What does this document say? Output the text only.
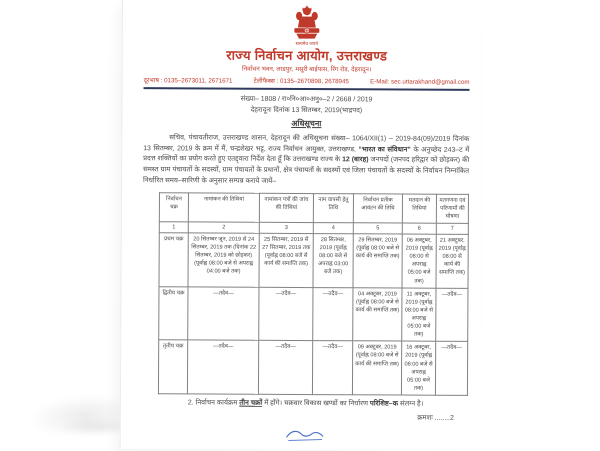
सत्यमेव जयते
राज्य निर्वाचन आयोग, उत्तराखण्ड
निर्वाचन भवन, लाडपुर, मसूरी बाईपास, रिंग रोड, देहरादून।
दूरभाष : 0135–2673011, 2671671	टेलीफैक्स : 0135–2670898, 2678945	E-Mail: sec.uttarakhand@gmail.com
संख्या– 1808 / रा०नि०आ०अनु०–2 / 2668 / 2019
देहरादूनः दिनांक 13 सितम्बर, 2019(भाद्रपद)
अधिसूचना
सचिव, पंचायतीराज, उत्तराखण्ड शासन, देहरादून की अधिसूचना संख्या– 1064/XII(1) – 2019-84(09)/2019 दिनांक 13 सितम्बर, 2019 के क्रम में मैं, चन्द्रशेखर भट्ट, राज्य निर्वाचन आयुक्त, उत्तराखण्ड, “भारत का संविधान” के अनुच्छेद 243–ट में प्रदत्त शक्तियों का प्रयोग करते हुए एतद्द्वारा निर्देश देता हूँ कि उत्तराखण्ड राज्य के 12 (बारह) जनपदों (जनपद हरिद्वार को छोड़कर) की समस्त ग्राम पंचायतों के सदस्यों, ग्राम पंचायतों के प्रधानों, क्षेत्र पंचायतों के सदस्यों एवं जिला पंचायतों के सदस्यों के निर्वाचन निम्नांकित निर्धारित समय–सारिणी के अनुसार सम्पन्न कराये जायें–
निर्वाचन चक्र	नामांकन की तिथियां	नामांकन पत्रों की जांच की तिथियां	नाम वापसी हेतु तिथि	निर्वाचन प्रतीक आवंटन की तिथि	मतदान की तिथियां	मतगणना एवं परिणामों की घोषणा
1	2	3	4	5	6	7
प्रथम चक्र	20 सितम्बर जून, 2019 से 24 सितम्बर, 2019 तक (दिनांक 22 सितम्बर, 2019 को छोड़कर) (पूर्वाह्न 08:00 बजे से अपराह्न 04:00 बजे तक)	25 सितम्बर, 2019 से 27 सितम्बर, 2019 तक (पूर्वाह्न 08:00 बजे से कार्य की समाप्ति तक)	28 सितम्बर, 2019 (पूर्वाह्न 08:00 बजे से अपराह्न 03:00 बजे तक)	29 सितम्बर, 2019 (पूर्वाह्न 08:00 बजे से कार्य की समाप्ति तक)	06 अक्टूबर, 2019 (पूर्वाह्न 08:00 से अपराह्न 05:00 बजे तक)	21 अक्टूबर, 2019 (पूर्वाह्न 08:00 से कार्य की समाप्ति तक)
द्वितीय चक्र	—तदैव—	—तदैव—	—तदैव—	04 अक्टूबर, 2019 (पूर्वाह्न 08:00 बजे से कार्य की समाप्ति तक)	11 अक्टूबर, 2019 (पूर्वाह्न 08:00 बजे से अपराह्न 05:00 बजे तक)	—तदैव—
तृतीय चक्र	—तदैव—	—तदैव—	—तदैव—	09 अक्टूबर, 2019 (पूर्वाह्न 08:00 बजे से कार्य की समाप्ति तक)	16 अक्टूबर, 2019 (पूर्वाह्न 08:00 बजे से अपराह्न 05:00 बजे तक)	—तदैव—
2. निर्वाचन कार्यक्रम तीन चक्रों में होंगे। चक्रवार विकास खण्डों का निर्धारण परिशिष्ट–क संलग्न है।
क्रमशः ........2
